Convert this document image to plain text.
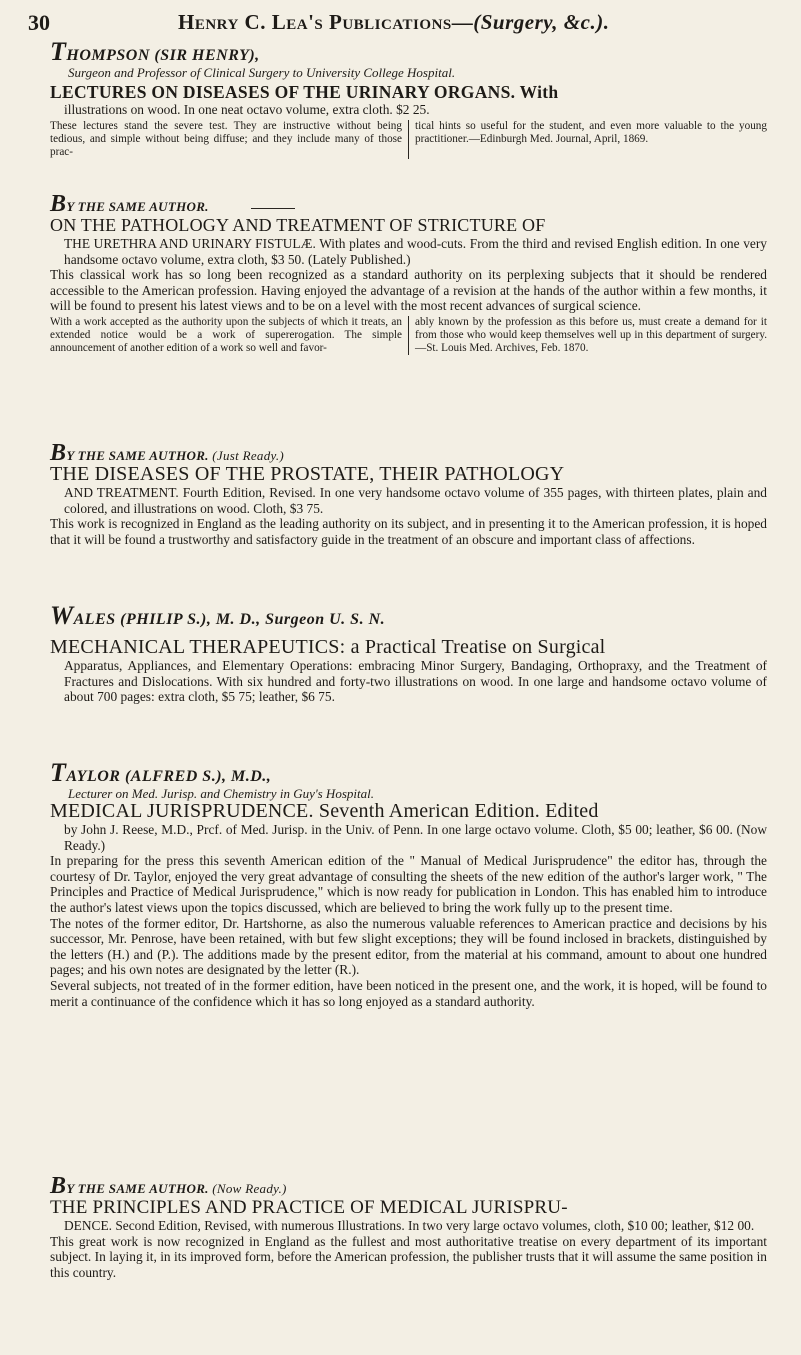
30	Henry C. Lea's Publications—(Surgery, &c.).
THOMPSON (SIR HENRY),
Surgeon and Professor of Clinical Surgery to University College Hospital.
LECTURES ON DISEASES OF THE URINARY ORGANS. With
illustrations on wood. In one neat octavo volume, extra cloth. $2 25.
These lectures stand the severe test. They are instructive without being tedious, and simple without being diffuse; and they include many of those prac-
tical hints so useful for the student, and even more valuable to the young practitioner.—Edinburgh Med. Journal, April, 1869.
BY THE SAME AUTHOR.
ON THE PATHOLOGY AND TREATMENT OF STRICTURE OF
THE URETHRA AND URINARY FISTULÆ. With plates and wood-cuts. From the third and revised English edition. In one very handsome octavo volume, extra cloth, $3 50. (Lately Published.)
This classical work has so long been recognized as a standard authority on its perplexing subjects that it should be rendered accessible to the American profession. Having enjoyed the advantage of a revision at the hands of the author within a few months, it will be found to present his latest views and to be on a level with the most recent advances of surgical science.
With a work accepted as the authority upon the subjects of which it treats, an extended notice would be a work of supererogation. The simple announcement of another edition of a work so well and favor-
ably known by the profession as this before us, must create a demand for it from those who would keep themselves well up in this department of surgery.—St. Louis Med. Archives, Feb. 1870.
BY THE SAME AUTHOR. (Just Ready.)
THE DISEASES OF THE PROSTATE, THEIR PATHOLOGY
AND TREATMENT. Fourth Edition, Revised. In one very handsome octavo volume of 355 pages, with thirteen plates, plain and colored, and illustrations on wood. Cloth, $3 75.
This work is recognized in England as the leading authority on its subject, and in presenting it to the American profession, it is hoped that it will be found a trustworthy and satisfactory guide in the treatment of an obscure and important class of affections.
WALES (PHILIP S.), M. D., Surgeon U. S. N.
MECHANICAL THERAPEUTICS: a Practical Treatise on Surgical
Apparatus, Appliances, and Elementary Operations: embracing Minor Surgery, Bandaging, Orthopraxy, and the Treatment of Fractures and Dislocations. With six hundred and forty-two illustrations on wood. In one large and handsome octavo volume of about 700 pages: extra cloth, $5 75; leather, $6 75.
TAYLOR (ALFRED S.), M.D.,
Lecturer on Med. Jurisp. and Chemistry in Guy's Hospital.
MEDICAL JURISPRUDENCE. Seventh American Edition. Edited
by John J. Reese, M.D., Prcf. of Med. Jurisp. in the Univ. of Penn. In one large octavo volume. Cloth, $5 00; leather, $6 00. (Now Ready.)
In preparing for the press this seventh American edition of the " Manual of Medical Jurisprudence" the editor has, through the courtesy of Dr. Taylor, enjoyed the very great advantage of consulting the sheets of the new edition of the author's larger work, " The Principles and Practice of Medical Jurisprudence," which is now ready for publication in London. This has enabled him to introduce the author's latest views upon the topics discussed, which are believed to bring the work fully up to the present time.
The notes of the former editor, Dr. Hartshorne, as also the numerous valuable references to American practice and decisions by his successor, Mr. Penrose, have been retained, with but few slight exceptions; they will be found inclosed in brackets, distinguished by the letters (H.) and (P.). The additions made by the present editor, from the material at his command, amount to about one hundred pages; and his own notes are designated by the letter (R.).
Several subjects, not treated of in the former edition, have been noticed in the present one, and the work, it is hoped, will be found to merit a continuance of the confidence which it has so long enjoyed as a standard authority.
BY THE SAME AUTHOR. (Now Ready.)
THE PRINCIPLES AND PRACTICE OF MEDICAL JURISPRU-
DENCE. Second Edition, Revised, with numerous Illustrations. In two very large octavo volumes, cloth, $10 00; leather, $12 00.
This great work is now recognized in England as the fullest and most authoritative treatise on every department of its important subject. In laying it, in its improved form, before the American profession, the publisher trusts that it will assume the same position in this country.
